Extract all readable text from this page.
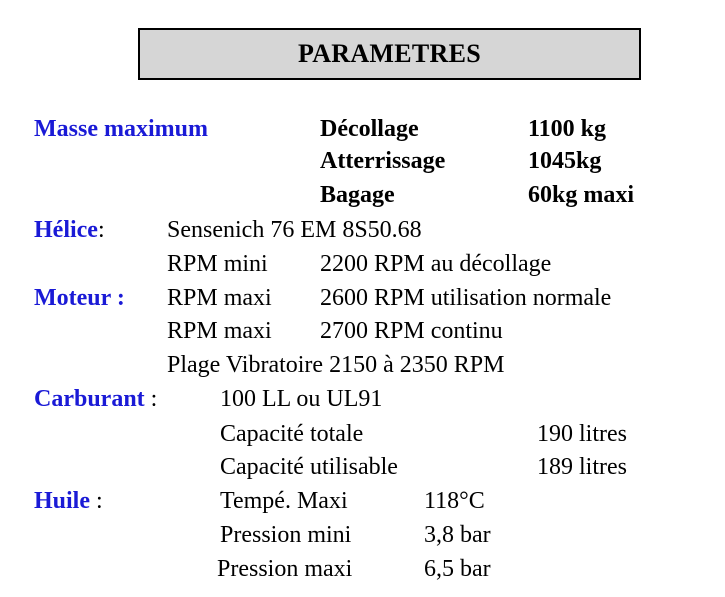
PARAMETRES
Masse maximum	Décollage	1100 kg
Atterrissage	1045kg
Bagage	60kg maxi
Hélice:	Sensenich 76 EM 8S50.68
RPM mini 2200 RPM au décollage
Moteur : RPM maxi 2600 RPM utilisation normale
RPM maxi 2700 RPM continu
Plage Vibratoire 2150 à 2350 RPM
Carburant :	100 LL ou UL91
Capacité totale	190 litres
Capacité utilisable	189 litres
Huile :	Tempé. Maxi	118°C
Pression mini	3,8 bar
Pression maxi	6,5 bar
